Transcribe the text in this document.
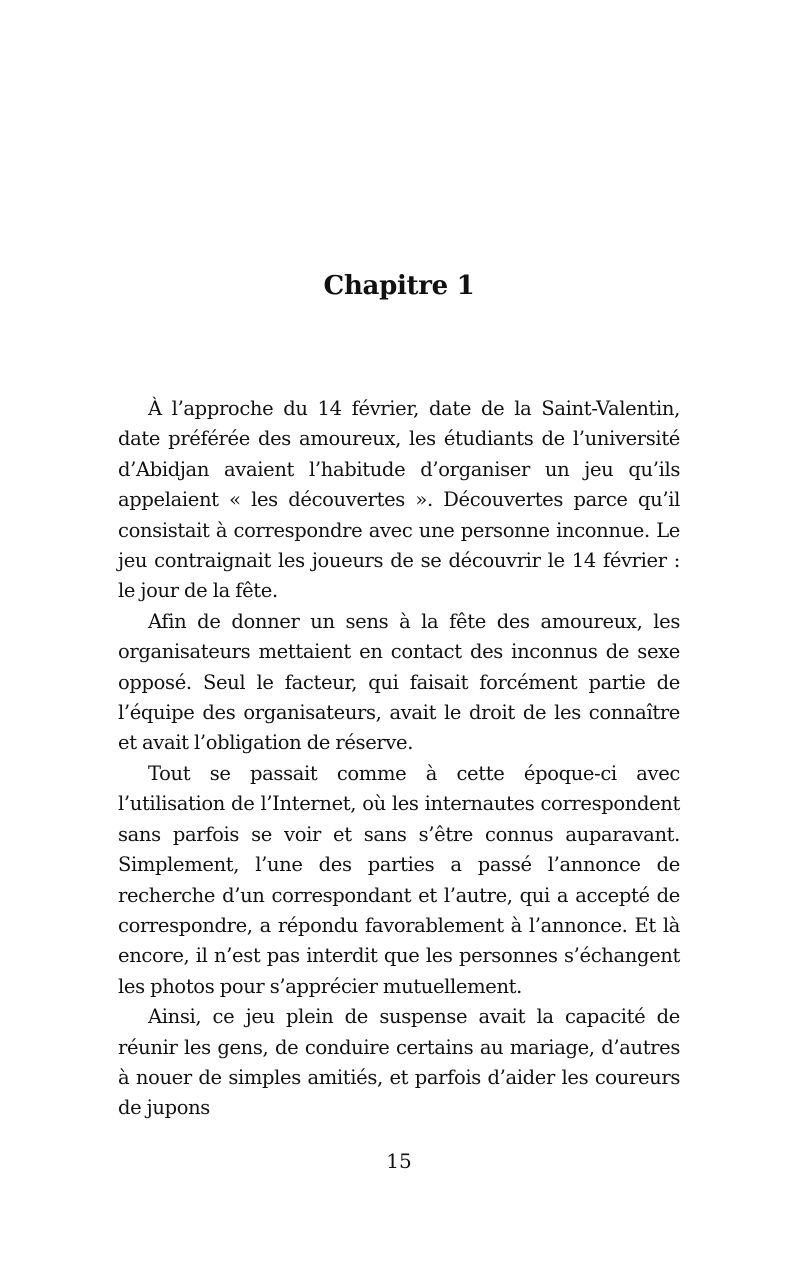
Chapitre 1

À l’approche du 14 février, date de la Saint-Valentin, date préférée des amoureux, les étudiants de l’université d’Abidjan avaient l’habitude d’organiser un jeu qu’ils appelaient « les découvertes ». Découvertes parce qu’il consistait à correspondre avec une personne inconnue. Le jeu contraignait les joueurs de se découvrir le 14 février : le jour de la fête.

Afin de donner un sens à la fête des amoureux, les organisateurs mettaient en contact des inconnus de sexe opposé. Seul le facteur, qui faisait forcément partie de l’équipe des organisateurs, avait le droit de les connaître et avait l’obligation de réserve.

Tout se passait comme à cette époque-ci avec l’utilisation de l’Internet, où les internautes correspondent sans parfois se voir et sans s’être connus auparavant. Simplement, l’une des parties a passé l’annonce de recherche d’un correspondant et l’autre, qui a accepté de correspondre, a répondu favorablement à l’annonce. Et là encore, il n’est pas interdit que les personnes s’échangent les photos pour s’apprécier mutuellement.

Ainsi, ce jeu plein de suspense avait la capacité de réunir les gens, de conduire certains au mariage, d’autres à nouer de simples amitiés, et parfois d’aider les coureurs de jupons

15
